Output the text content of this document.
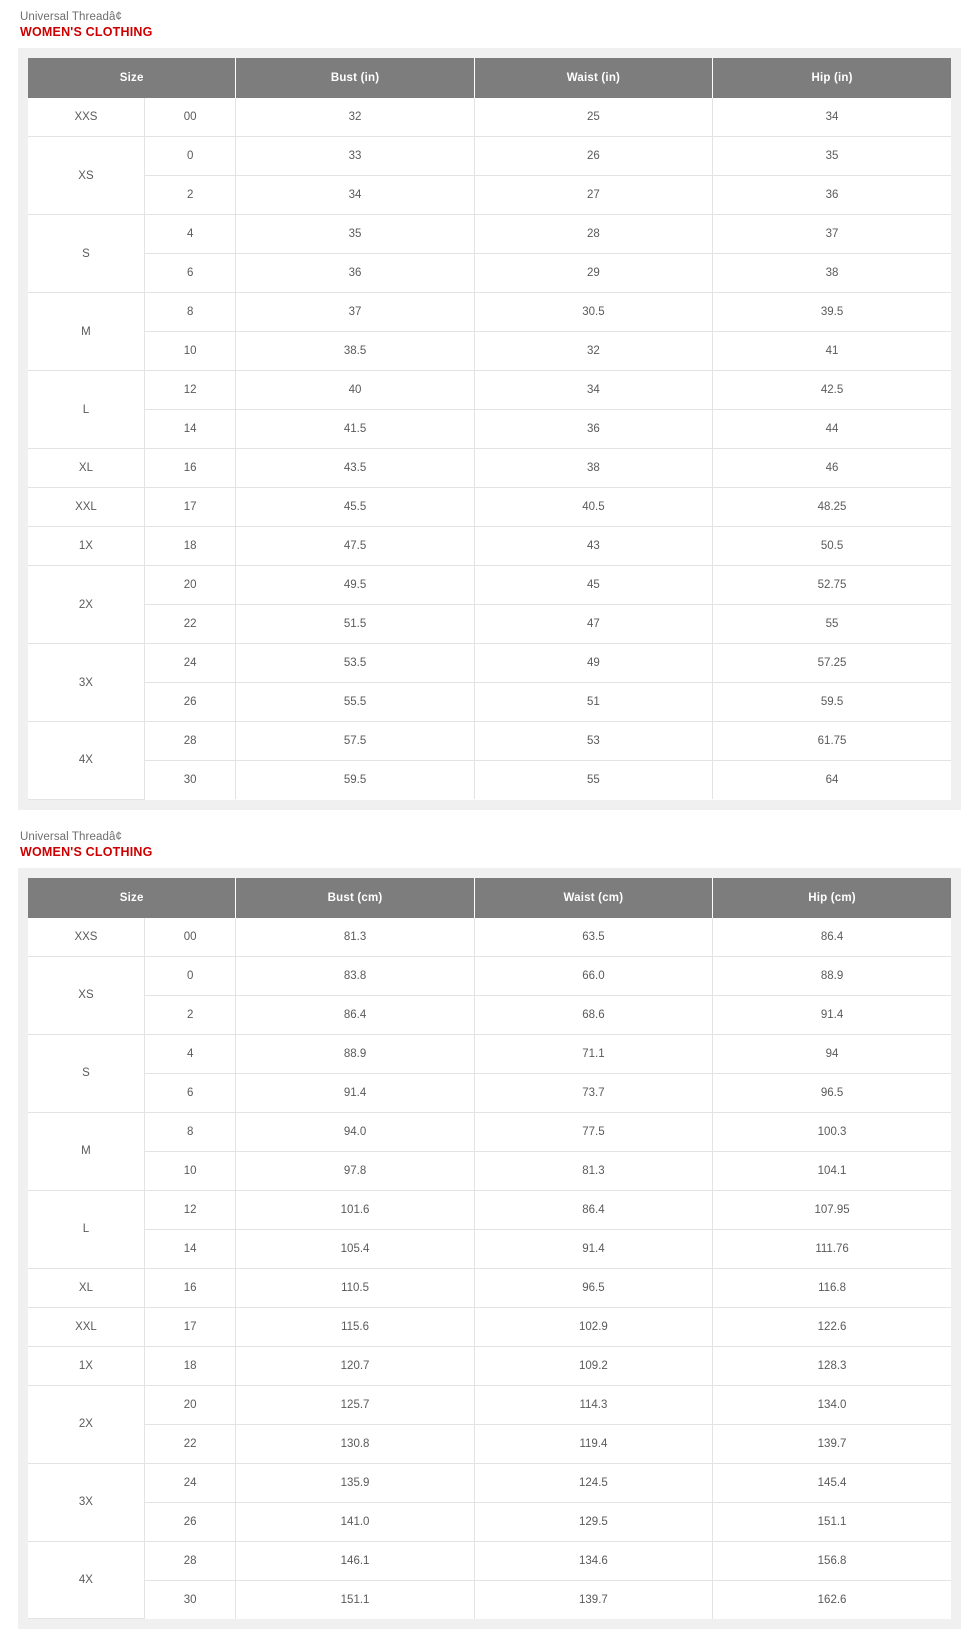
Universal Threadâ¢
WOMEN'S CLOTHING
Size		Bust (in)	Waist (in)	Hip (in)
XXS	00	32	25	34
XS	0	33	26	35
	2	34	27	36
S	4	35	28	37
	6	36	29	38
M	8	37	30.5	39.5
	10	38.5	32	41
L	12	40	34	42.5
	14	41.5	36	44
XL	16	43.5	38	46
XXL	17	45.5	40.5	48.25
1X	18	47.5	43	50.5
2X	20	49.5	45	52.75
	22	51.5	47	55
3X	24	53.5	49	57.25
	26	55.5	51	59.5
4X	28	57.5	53	61.75
	30	59.5	55	64
Universal Threadâ¢
WOMEN'S CLOTHING
Size		Bust (cm)	Waist (cm)	Hip (cm)
XXS	00	81.3	63.5	86.4
XS	0	83.8	66.0	88.9
	2	86.4	68.6	91.4
S	4	88.9	71.1	94
	6	91.4	73.7	96.5
M	8	94.0	77.5	100.3
	10	97.8	81.3	104.1
L	12	101.6	86.4	107.95
	14	105.4	91.4	111.76
XL	16	110.5	96.5	116.8
XXL	17	115.6	102.9	122.6
1X	18	120.7	109.2	128.3
2X	20	125.7	114.3	134.0
	22	130.8	119.4	139.7
3X	24	135.9	124.5	145.4
	26	141.0	129.5	151.1
4X	28	146.1	134.6	156.8
	30	151.1	139.7	162.6
